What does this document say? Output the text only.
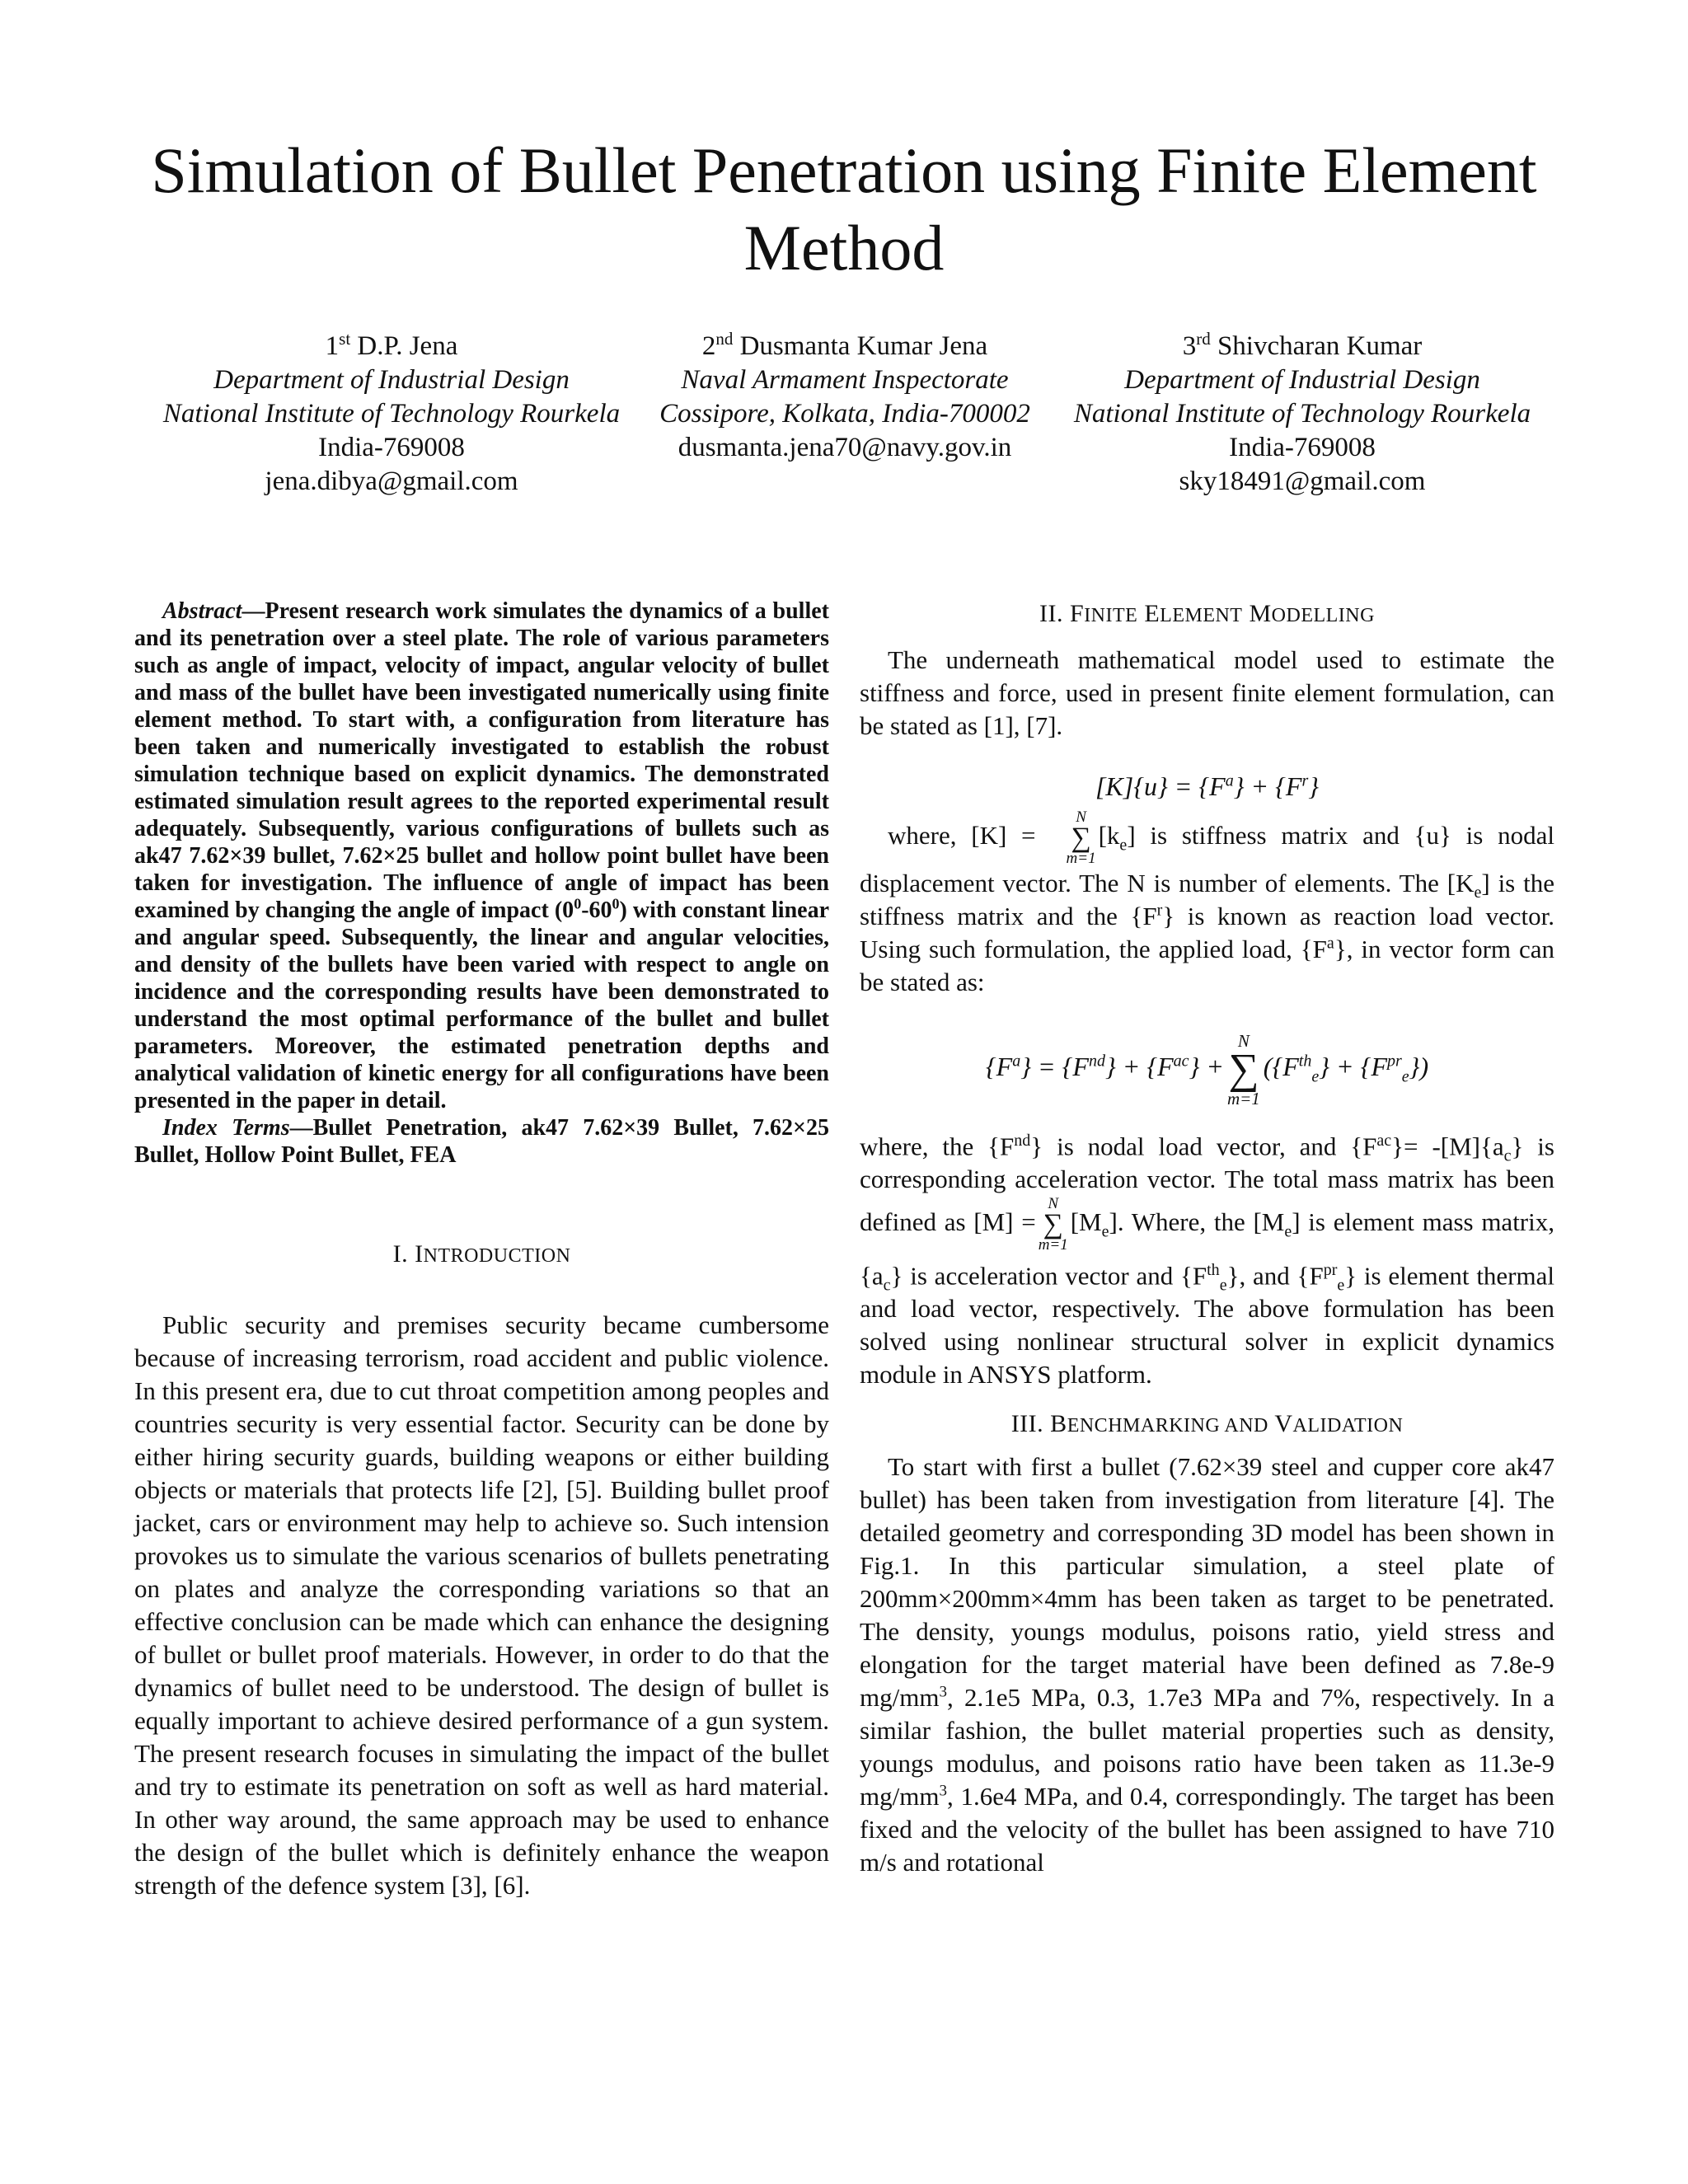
Simulation of Bullet Penetration using Finite Element Method
1st D.P. Jena
Department of Industrial Design
National Institute of Technology Rourkela
India-769008
jena.dibya@gmail.com
2nd Dusmanta Kumar Jena
Naval Armament Inspectorate
Cossipore, Kolkata, India-700002
dusmanta.jena70@navy.gov.in
3rd Shivcharan Kumar
Department of Industrial Design
National Institute of Technology Rourkela
India-769008
sky18491@gmail.com

Abstract—Present research work simulates the dynamics of a bullet and its penetration over a steel plate. The role of various parameters such as angle of impact, velocity of impact, angular velocity of bullet and mass of the bullet have been investigated numerically using finite element method. To start with, a configuration from literature has been taken and numerically investigated to establish the robust simulation technique based on explicit dynamics. The demonstrated estimated simulation result agrees to the reported experimental result adequately. Subsequently, various configurations of bullets such as ak47 7.62×39 bullet, 7.62×25 bullet and hollow point bullet have been taken for investigation. The influence of angle of impact has been examined by changing the angle of impact $(0^0-60^0)$ with constant linear and angular speed. Subsequently, the linear and angular velocities, and density of the bullets have been varied with respect to angle on incidence and the corresponding results have been demonstrated to understand the most optimal performance of the bullet and bullet parameters. Moreover, the estimated penetration depths and analytical validation of kinetic energy for all configurations have been presented in the paper in detail.

Index Terms—Bullet Penetration, ak47 7.62×39 Bullet, 7.62×25 Bullet, Hollow Point Bullet, FEA

I. INTRODUCTION

Public security and premises security became cumbersome because of increasing terrorism, road accident and public violence. In this present era, due to cut throat competition among peoples and countries security is very essential factor. Security can be done by either hiring security guards, building weapons or either building objects or materials that protects life [2], [5]. Building bullet proof jacket, cars or environment may help to achieve so. Such intension provokes us to simulate the various scenarios of bullets penetrating on plates and analyze the corresponding variations so that an effective conclusion can be made which can enhance the designing of bullet or bullet proof materials. However, in order to do that the dynamics of bullet need to be understood. The design of bullet is equally important to achieve desired performance of a gun system. The present research focuses in simulating the impact of the bullet and try to estimate its penetration on soft as well as hard material. In other way around, the same approach may be used to enhance the design of the bullet which is definitely enhance the weapon strength of the defence system [3], [6].

II. FINITE ELEMENT MODELLING

The underneath mathematical model used to estimate the stiffness and force, used in present finite element formulation, can be stated as [1], [7].

$[K]\{u\} = \{F^a\} + \{F^r\}$

where, [K] =
N
∑
m=1
$[k_e]$ is stiffness matrix and {u} is nodal displacement vector. The N is number of elements. The $[K_e]$ is the stiffness matrix and the $\{F^r\}$ is known as reaction load vector. Using such formulation, the applied load, $\{F^a\}$, in vector form can be stated as:

$\{F^a\} = \{F^{nd}\} + \{F^{ac}\}$ +
N
∑
m=1
$(\{F^{th}_e\} + \{F^{pr}_e\})$

where, the $\{F^{nd}\}$ is nodal load vector, and $\{F^{ac}\}= -[M]\{a_c\}$ is corresponding acceleration vector. The total mass matrix has been defined as [M] =
N
∑
m=1
$[M_e]$. Where, the $[M_e]$ is element mass matrix, $\{a_c\}$ is acceleration vector and $\{F^{th}_e\}$, and $\{F^{pr}_e\}$ is element thermal and load vector, respectively. The above formulation has been solved using nonlinear structural solver in explicit dynamics module in ANSYS platform.

III. BENCHMARKING AND VALIDATION

To start with first a bullet (7.62×39 steel and cupper core ak47 bullet) has been taken from investigation from literature [4]. The detailed geometry and corresponding 3D model has been shown in Fig.1. In this particular simulation, a steel plate of 200mm×200mm×4mm has been taken as target to be penetrated. The density, youngs modulus, poisons ratio, yield stress and elongation for the target material have been defined as 7.8e-9 $mg/mm^3$, 2.1e5 MPa, 0.3, 1.7e3 MPa and 7%, respectively. In a similar fashion, the bullet material properties such as density, youngs modulus, and poisons ratio have been taken as 11.3e-9 $mg/mm^3$, 1.6e4 MPa, and 0.4, correspondingly. The target has been fixed and the velocity of the bullet has been assigned to have 710 m/s and rotational
